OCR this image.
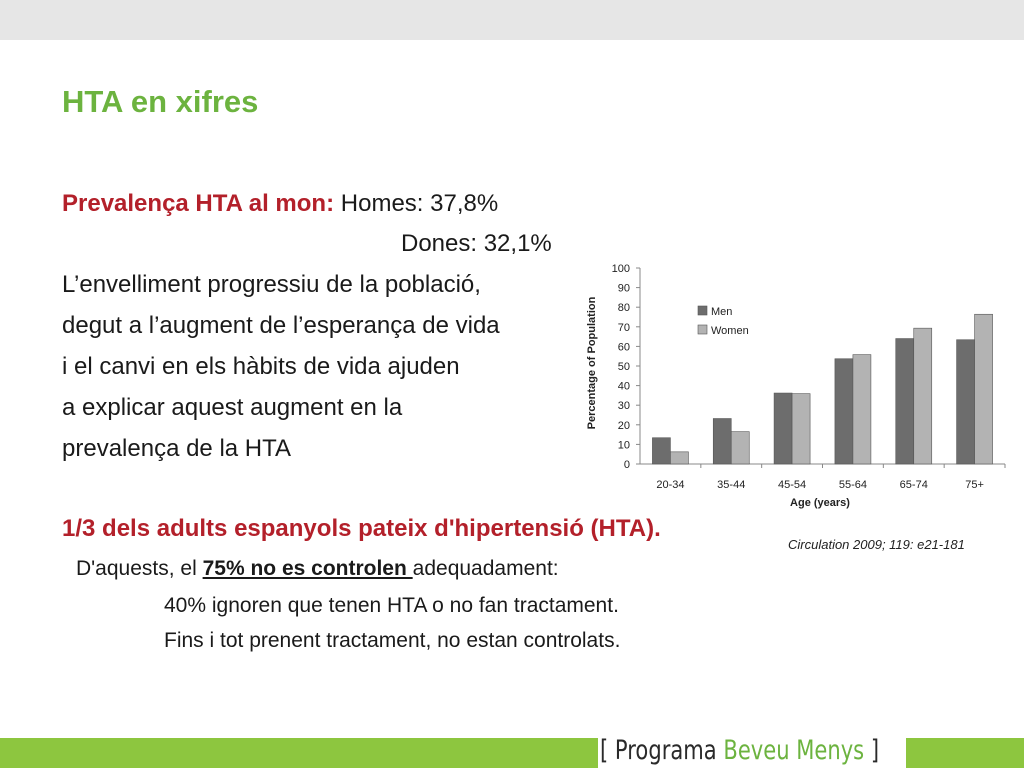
HTA en xifres
Prevalença HTA al mon: Homes: 37,8%
Dones: 32,1%
L’envelliment progressiu de la població,
degut a l’augment de l’esperança de vida
i el canvi en els hàbits de vida ajuden
a explicar aquest augment en la
prevalença de la HTA
1/3 dels adults espanyols pateix d'hipertensió (HTA).
D'aquests, el 75% no es controlen adequadament:
40% ignoren que tenen HTA o no fan tractament.
Fins i tot prenent tractament, no estan controlats.
Percentage of Population
Age (years)
0
10
20
30
40
50
60
70
80
90
100
20-34	35-44	45-54	55-64	65-74	75+
Men
Women
Circulation 2009; 119: e21-181
[ Programa Beveu Menys ]
